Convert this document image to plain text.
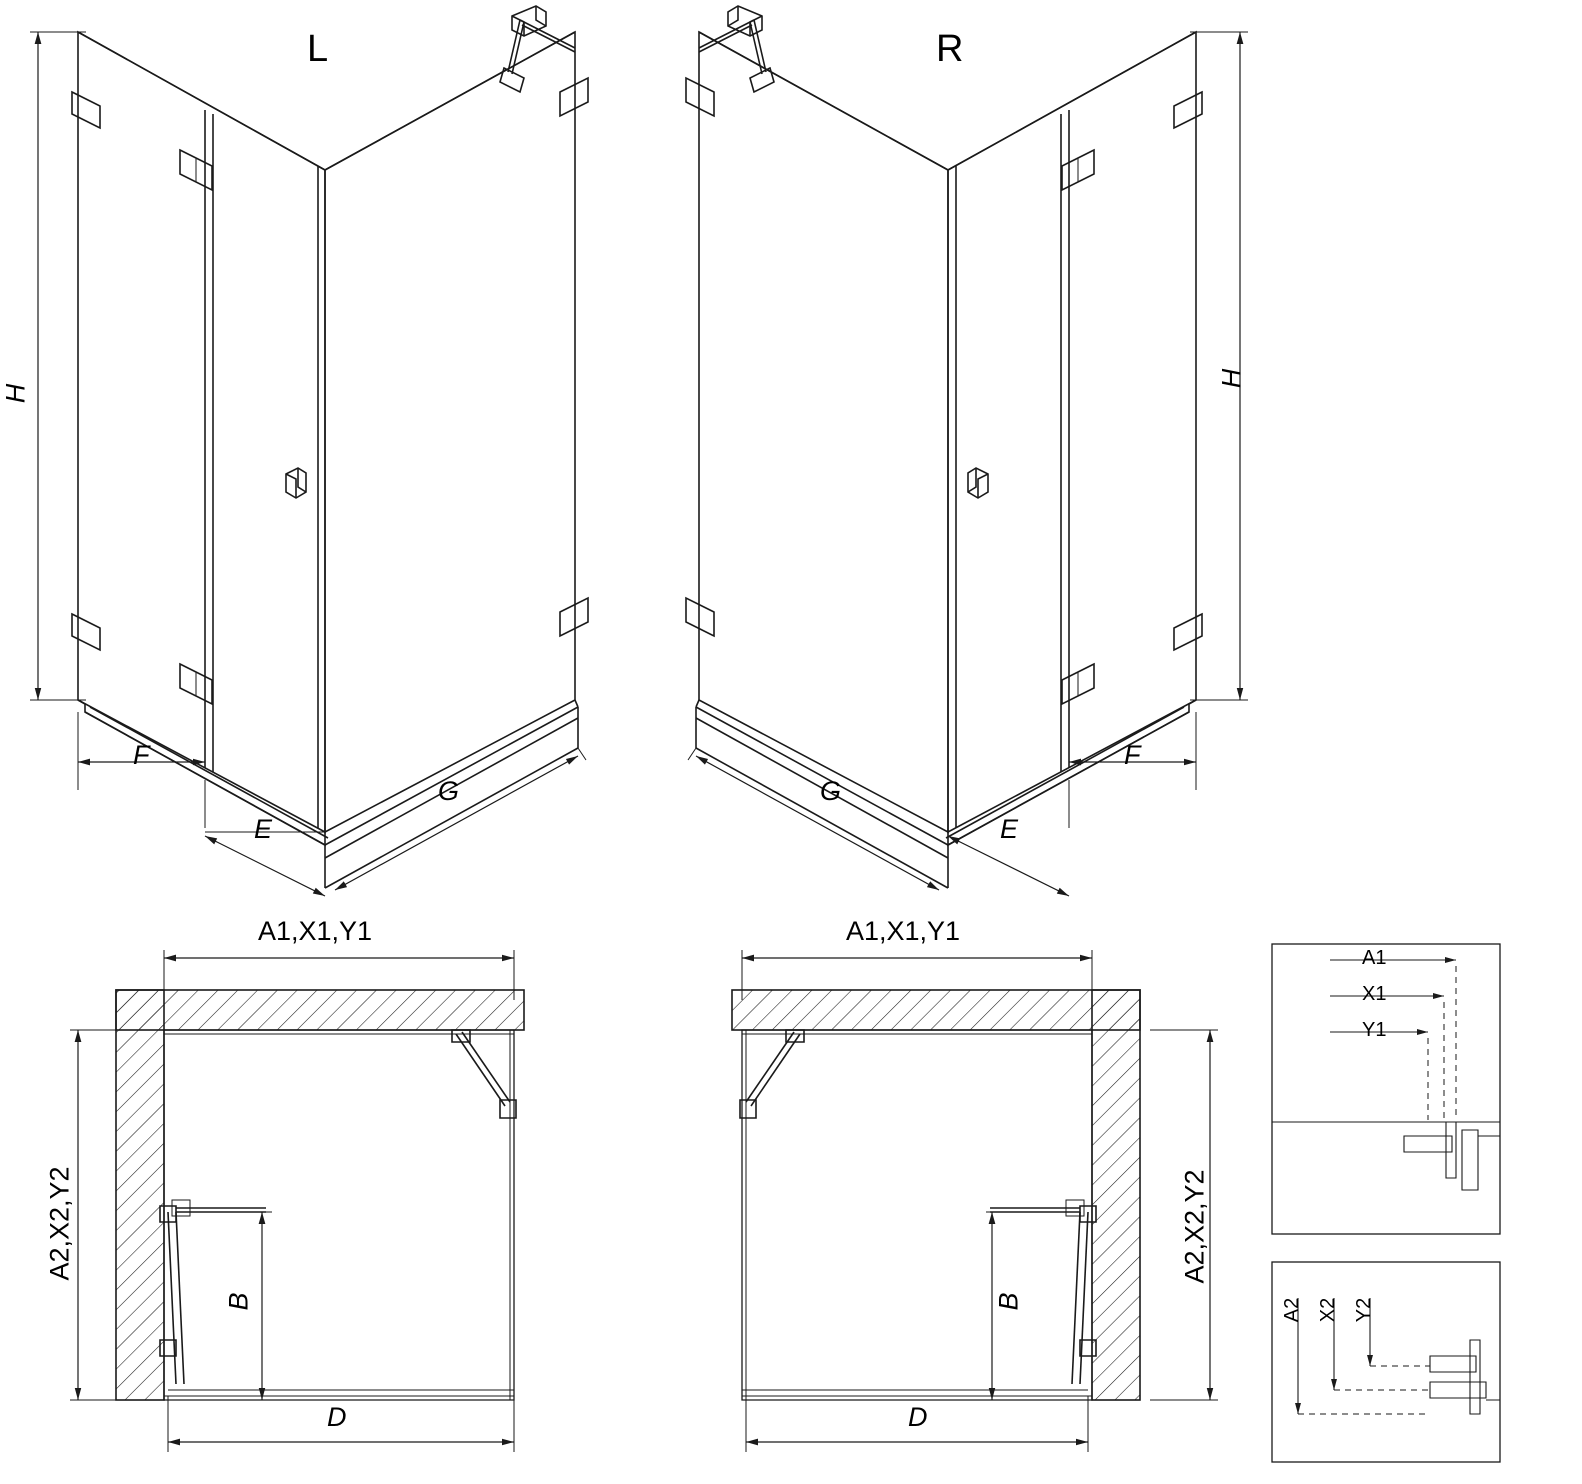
L	R
H
H
F
E
G
F
E
G
A1,X1,Y1	A1,X1,Y1
A2,X2,Y2	A2,X2,Y2
B	B
D	D
A1
X1
Y1
A2 X2 Y2
